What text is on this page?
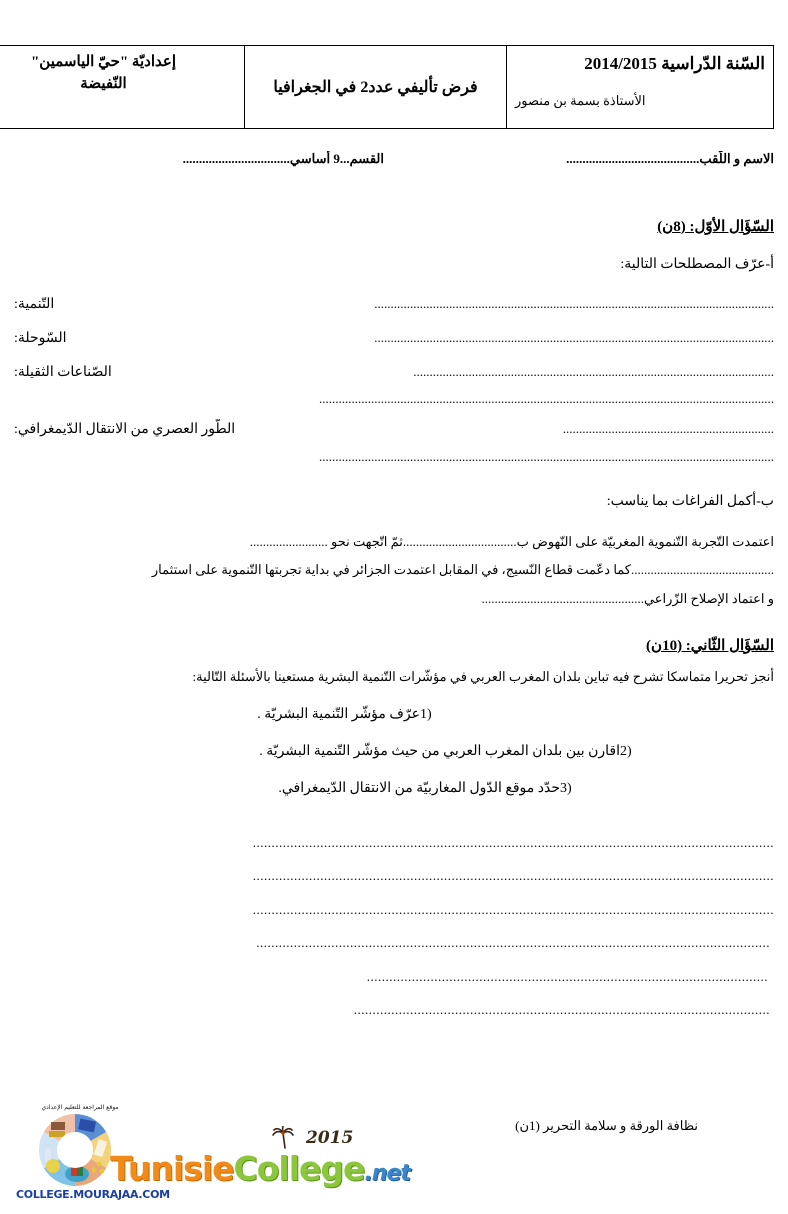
السّنة الدّراسية 2014/2015
الأستاذة بسمة بن منصور

فرض تأليفي عدد2 في الجغرافيا

إعداديّة "حيّ الياسمين"
النّفيضة
الاسم و اللّقب.........................................
القسم...9 أساسي.................................
السّؤَال الأوّل: (8ن)
أ-عرّف المصطلحات التالية:
...........................................................................................................................
التّنمية:
...........................................................................................................................
السّوحلة:
...............................................................................................................
الصّناعات الثقيلة:
............................................................................................................................................
.................................................................
الطّور العصري من الانتقال الدّيمغرافي:
............................................................................................................................................
ب-أكمل الفراغات بما يناسب:
اعتمدت التّجربة التّنموية المغربيّة على النّهوض ب...................................ثمّ اتّجهت نحو ........................
............................................كما دعّمت قطاع النّسيج، في المقابل اعتمدت الجزائر في بداية تجربتها التّنموية على استثمار
و اعتماد الإصلاح الزّراعي..................................................
السّؤَال الثّاني: (10ن)
أنجز تحريرا متماسكا تشرح فيه تباين بلدان المغرب العربي في مؤشّرات التّنمية البشرية مستعينا بالأسئلة التّالية:
1)
عرّف مؤشّر التّنمية البشريّة .
2)
اقارن بين بلدان المغرب العربي من حيث مؤشّر التّنمية البشريّة .
3)
حدّد موقع الدّول المغاربيّة من الانتقال الدّيمغرافي.
...........................................................................................................................................
...........................................................................................................................................
...........................................................................................................................................
.........................................................................................................................................
...........................................................................................................
...............................................................................................................
نظافة الورقة و سلامة التحرير (1ن)
2015
TunisieCollege.net
موقع المراجعة للتعليم الإعدادي
COLLEGE.MOURAJAA.COM
